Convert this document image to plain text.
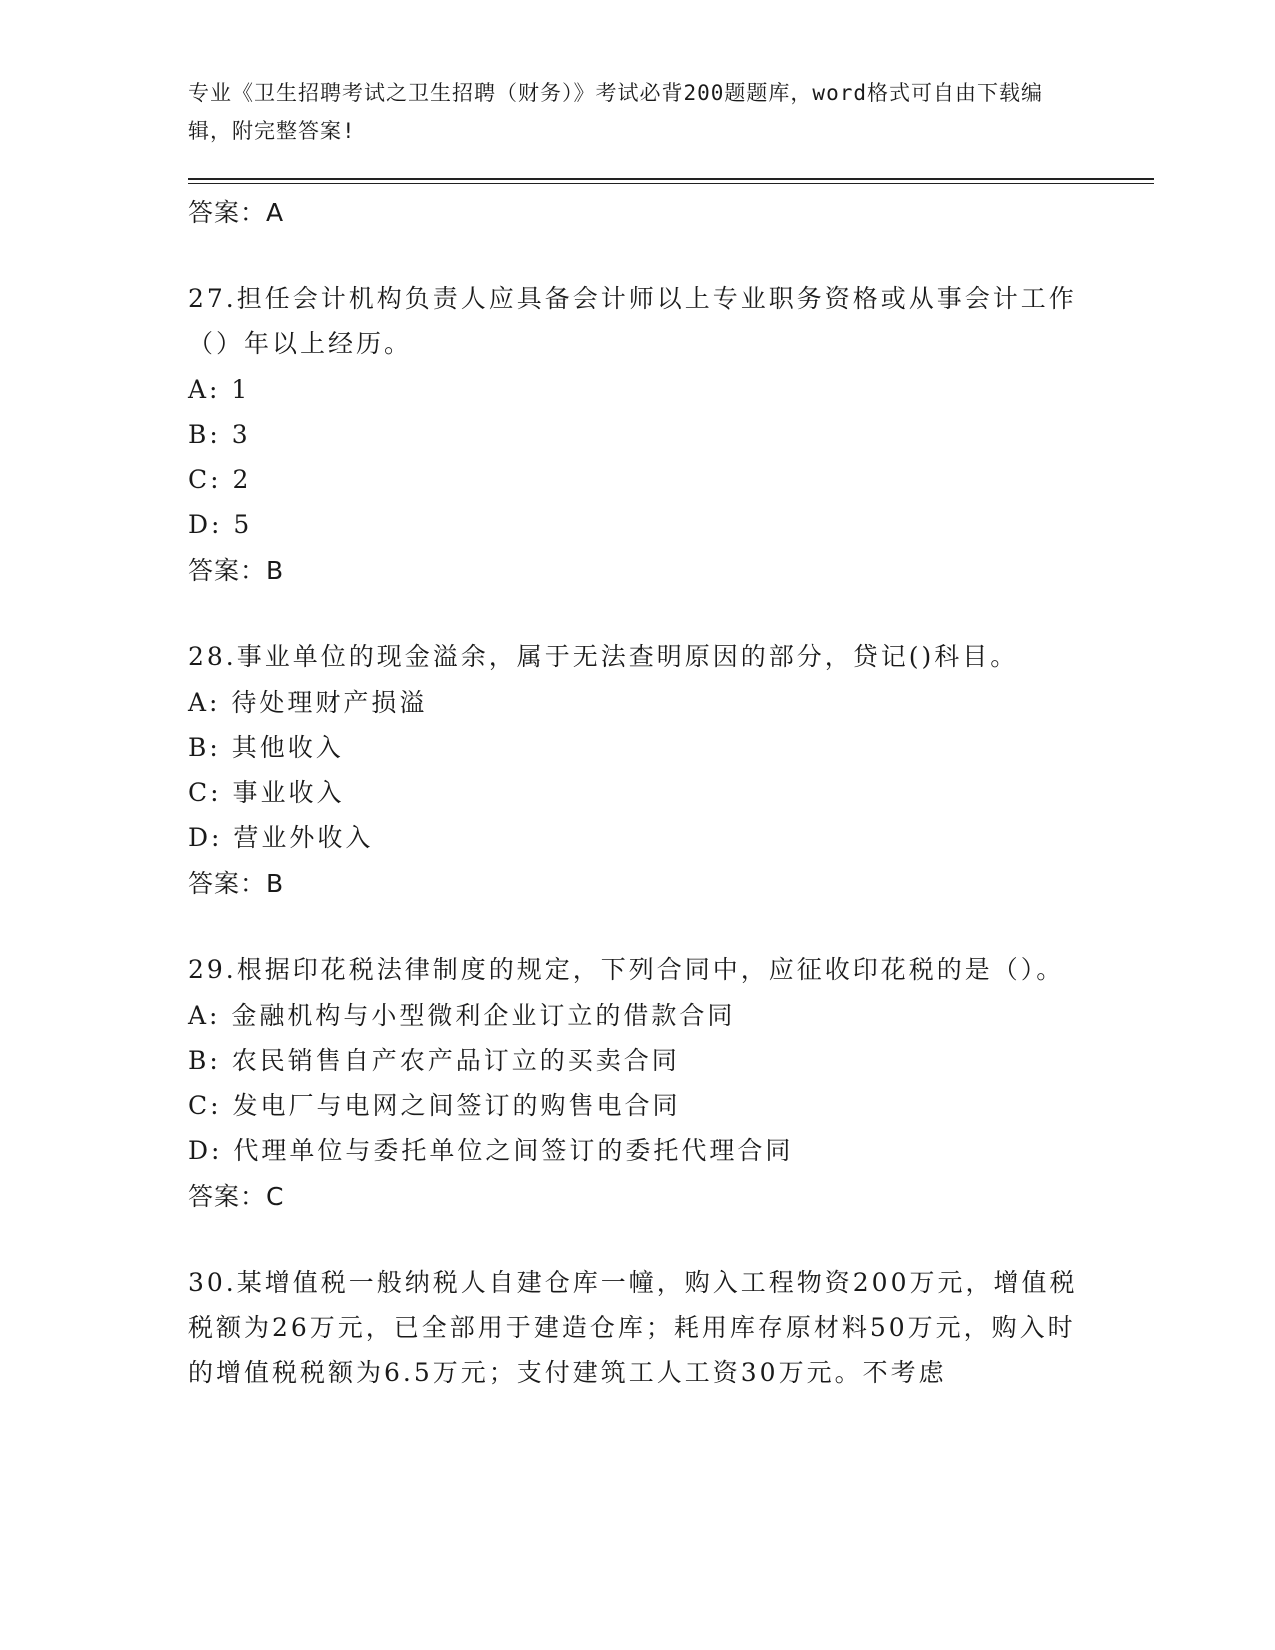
专业《卫生招聘考试之卫生招聘（财务）》考试必背200题题库，word格式可自由下载编辑，附完整答案!
答案：A
27.担任会计机构负责人应具备会计师以上专业职务资格或从事会计工作（）年以上经历。
A: 1
B: 3
C: 2
D: 5
答案：B
28.事业单位的现金溢余，属于无法查明原因的部分，贷记()科目。
A: 待处理财产损溢
B: 其他收入
C: 事业收入
D: 营业外收入
答案：B
29.根据印花税法律制度的规定，下列合同中，应征收印花税的是（）。
A: 金融机构与小型微利企业订立的借款合同
B: 农民销售自产农产品订立的买卖合同
C: 发电厂与电网之间签订的购售电合同
D: 代理单位与委托单位之间签订的委托代理合同
答案：C
30.某增值税一般纳税人自建仓库一幢，购入工程物资200万元，增值税税额为26万元，已全部用于建造仓库；耗用库存原材料50万元，购入时的增值税税额为6.5万元；支付建筑工人工资30万元。不考虑
